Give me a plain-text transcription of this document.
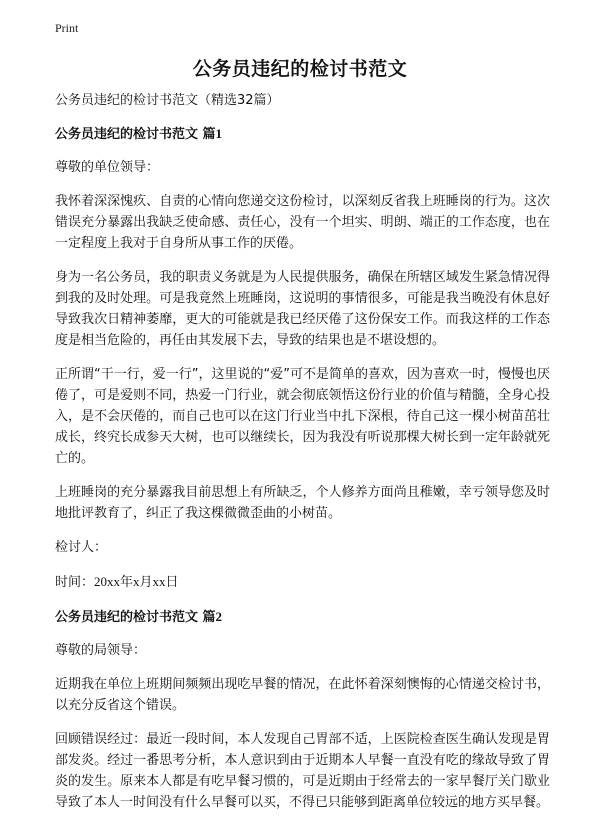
Print
公务员违纪的检讨书范文
公务员违纪的检讨书范文（精选32篇）
公务员违纪的检讨书范文 篇1
尊敬的单位领导：
我怀着深深愧疚、自责的心情向您递交这份检讨，以深刻反省我上班睡岗的行为。这次错误充分暴露出我缺乏使命感、责任心，没有一个坦实、明朗、端正的工作态度，也在一定程度上我对于自身所从事工作的厌倦。
身为一名公务员，我的职责义务就是为人民提供服务，确保在所辖区域发生紧急情况得到我的及时处理。可是我竟然上班睡岗，这说明的事情很多，可能是我当晚没有休息好导致我次日精神萎靡，更大的可能就是我已经厌倦了这份保安工作。而我这样的工作态度是相当危险的，再任由其发展下去，导致的结果也是不堪设想的。
正所谓“干一行，爱一行”，这里说的“爱”可不是简单的喜欢，因为喜欢一时，慢慢也厌倦了，可是爱则不同，热爱一门行业，就会彻底领悟这份行业的价值与精髓，全身心投入，是不会厌倦的，而自己也可以在这门行业当中扎下深根，待自己这一棵小树苗茁壮成长，终究长成参天大树，也可以继续长，因为我没有听说那棵大树长到一定年龄就死亡的。
上班睡岗的充分暴露我目前思想上有所缺乏，个人修养方面尚且稚嫩，幸亏领导您及时地批评教育了，纠正了我这棵微微歪曲的小树苗。
检讨人：
时间：20xx年x月xx日
公务员违纪的检讨书范文 篇2
尊敬的局领导：
近期我在单位上班期间频频出现吃早餐的情况，在此怀着深刻懊悔的心情递交检讨书，以充分反省这个错误。
回顾错误经过：最近一段时间，本人发现自己胃部不适，上医院检查医生确认发现是胃部发炎。经过一番思考分析，本人意识到由于近期本人早餐一直没有吃的缘故导致了胃炎的发生。原来本人都是有吃早餐习惯的，可是近期由于经常去的一家早餐厅关门歇业导致了本人一时间没有什么早餐可以买，不得已只能够到距离单位较远的地方买早餐。
